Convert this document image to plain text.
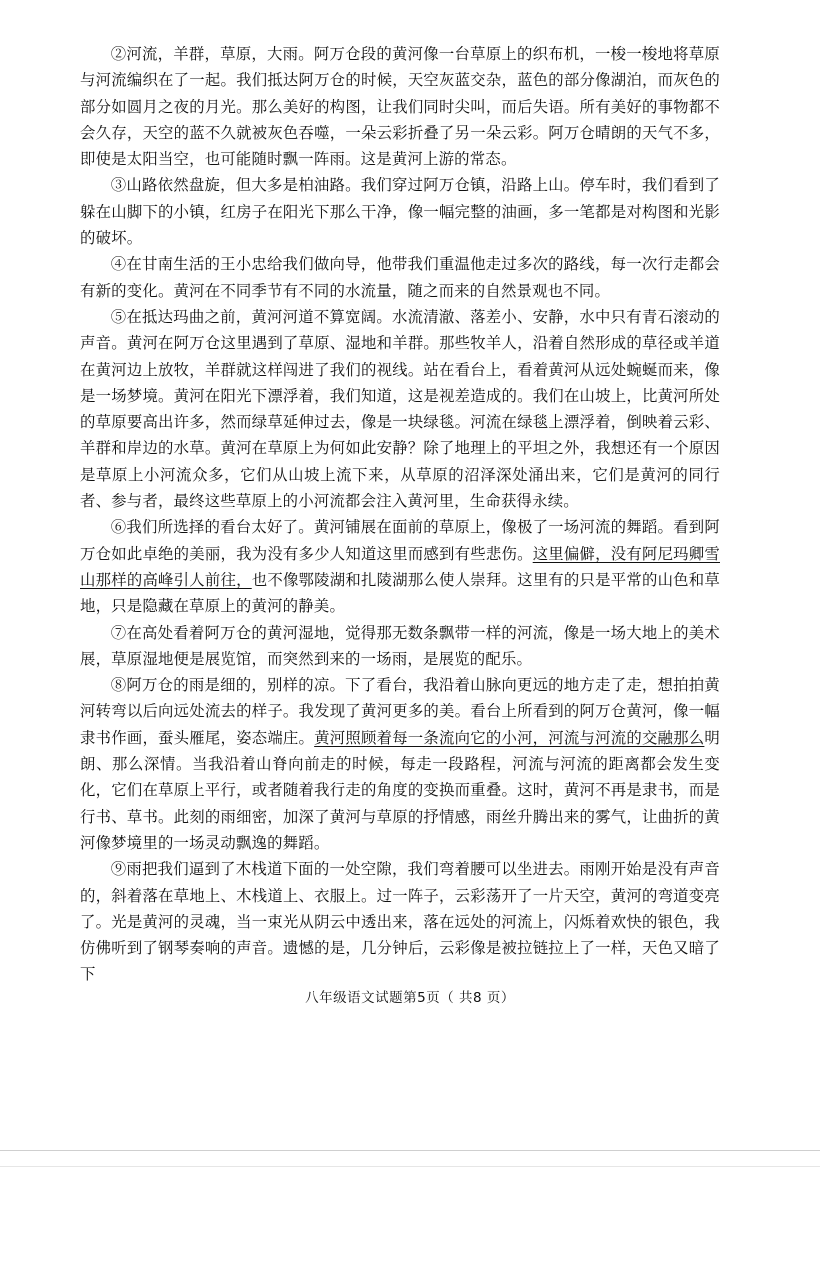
②河流，羊群，草原，大雨。阿万仓段的黄河像一台草原上的织布机，一梭一梭地将草原与河流编织在了一起。我们抵达阿万仓的时候，天空灰蓝交杂，蓝色的部分像湖泊，而灰色的部分如圆月之夜的月光。那么美好的构图，让我们同时尖叫，而后失语。所有美好的事物都不会久存，天空的蓝不久就被灰色吞噬，一朵云彩折叠了另一朵云彩。阿万仓晴朗的天气不多，即使是太阳当空，也可能随时飘一阵雨。这是黄河上游的常态。

③山路依然盘旋，但大多是柏油路。我们穿过阿万仓镇，沿路上山。停车时，我们看到了躲在山脚下的小镇，红房子在阳光下那么干净，像一幅完整的油画，多一笔都是对构图和光影的破坏。

④在甘南生活的王小忠给我们做向导，他带我们重温他走过多次的路线，每一次行走都会有新的变化。黄河在不同季节有不同的水流量，随之而来的自然景观也不同。

⑤在抵达玛曲之前，黄河河道不算宽阔。水流清澈、落差小、安静，水中只有青石滚动的声音。黄河在阿万仓这里遇到了草原、湿地和羊群。那些牧羊人，沿着自然形成的草径或羊道在黄河边上放牧，羊群就这样闯进了我们的视线。站在看台上，看着黄河从远处蜿蜒而来，像是一场梦境。黄河在阳光下漂浮着，我们知道，这是视差造成的。我们在山坡上，比黄河所处的草原要高出许多，然而绿草延伸过去，像是一块绿毯。河流在绿毯上漂浮着，倒映着云彩、羊群和岸边的水草。黄河在草原上为何如此安静？除了地理上的平坦之外，我想还有一个原因是草原上小河流众多，它们从山坡上流下来，从草原的沼泽深处涌出来，它们是黄河的同行者、参与者，最终这些草原上的小河流都会注入黄河里，生命获得永续。

⑥我们所选择的看台太好了。黄河铺展在面前的草原上，像极了一场河流的舞蹈。看到阿万仓如此卓绝的美丽，我为没有多少人知道这里而感到有些悲伤。这里偏僻，没有阿尼玛卿雪山那样的高峰引人前往，也不像鄂陵湖和扎陵湖那么使人崇拜。这里有的只是平常的山色和草地，只是隐藏在草原上的黄河的静美。

⑦在高处看着阿万仓的黄河湿地，觉得那无数条飘带一样的河流，像是一场大地上的美术展，草原湿地便是展览馆，而突然到来的一场雨，是展览的配乐。

⑧阿万仓的雨是细的，别样的凉。下了看台，我沿着山脉向更远的地方走了走，想拍拍黄河转弯以后向远处流去的样子。我发现了黄河更多的美。看台上所看到的阿万仓黄河，像一幅隶书作画，蚕头雁尾，姿态端庄。黄河照顾着每一条流向它的小河，河流与河流的交融那么明朗、那么深情。当我沿着山脊向前走的时候，每走一段路程，河流与河流的距离都会发生变化，它们在草原上平行，或者随着我行走的角度的变换而重叠。这时，黄河不再是隶书，而是行书、草书。此刻的雨细密，加深了黄河与草原的抒情感，雨丝升腾出来的雾气，让曲折的黄河像梦境里的一场灵动飘逸的舞蹈。

⑨雨把我们逼到了木栈道下面的一处空隙，我们弯着腰可以坐进去。雨刚开始是没有声音的，斜着落在草地上、木栈道上、衣服上。过一阵子，云彩荡开了一片天空，黄河的弯道变亮了。光是黄河的灵魂，当一束光从阴云中透出来，落在远处的河流上，闪烁着欢快的银色，我仿佛听到了钢琴奏响的声音。遗憾的是，几分钟后，云彩像是被拉链拉上了一样，天色又暗了下

八年级语文试题第5页（ 共8 页）
